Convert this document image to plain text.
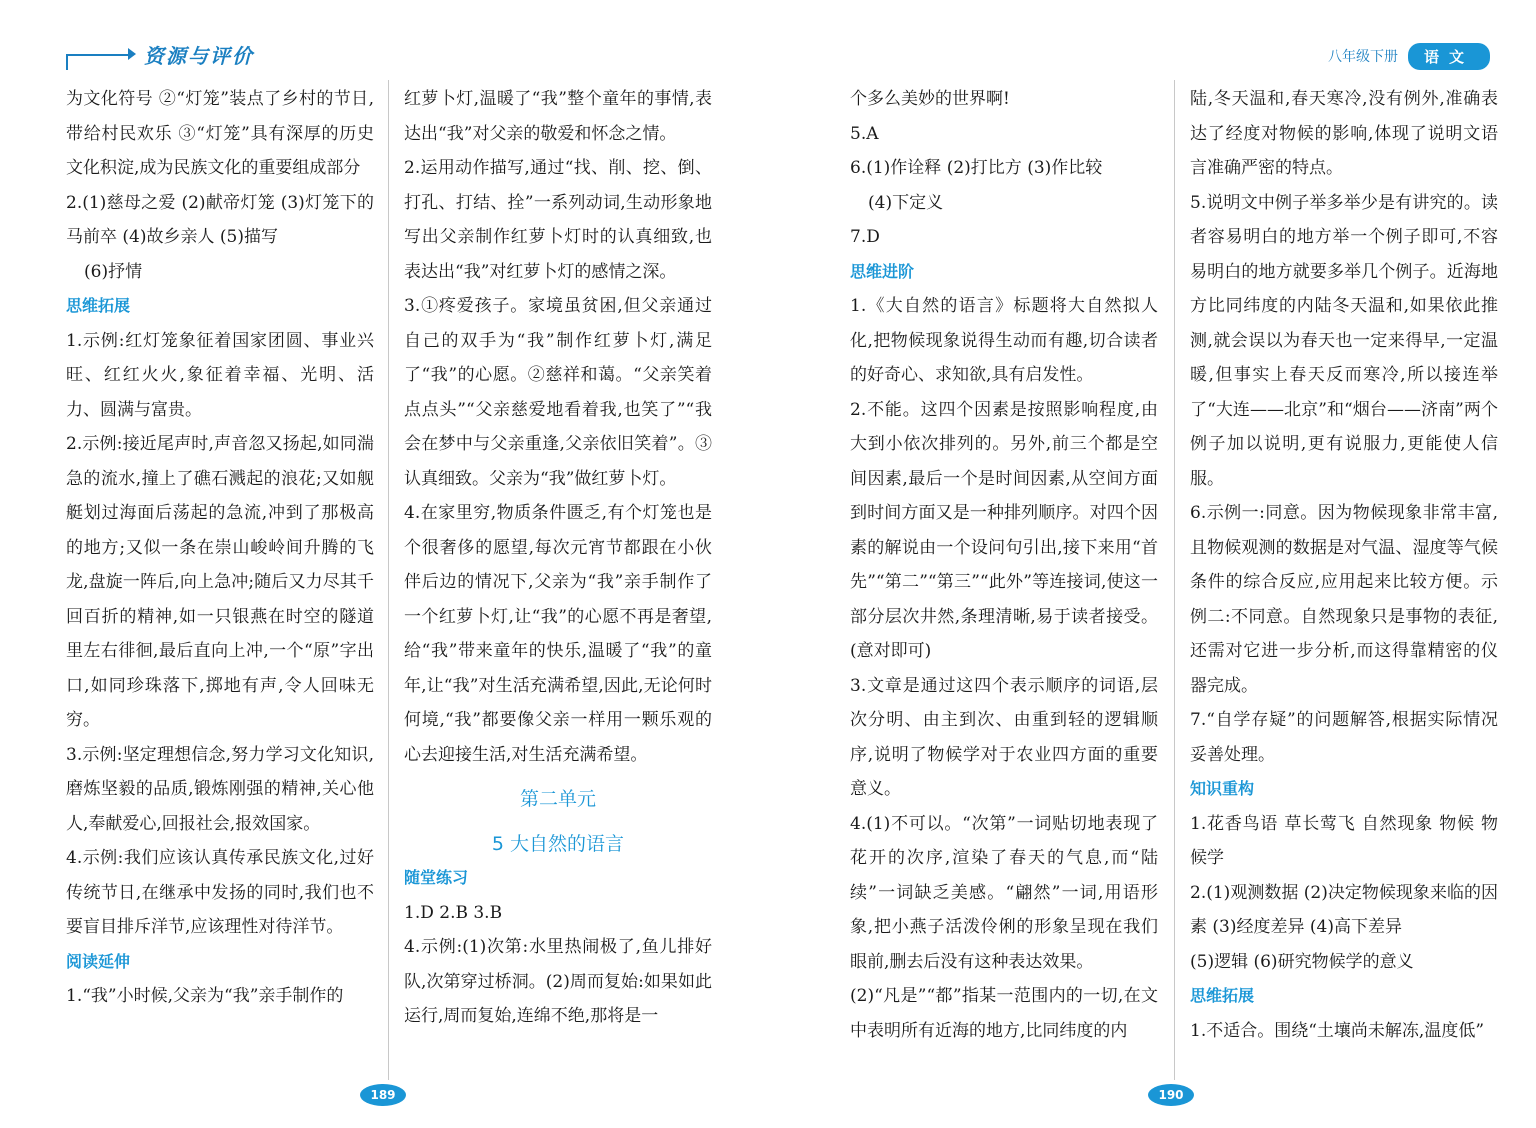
资源与评价

为文化符号 ②“灯笼”装点了乡村的节日,带给村民欢乐 ③“灯笼”具有深厚的历史文化积淀,成为民族文化的重要组成部分

2.(1)慈母之爱 (2)献帝灯笼 (3)灯笼下的马前卒 (4)故乡亲人 (5)描写

(6)抒情

思维拓展

1.示例:红灯笼象征着国家团圆、事业兴旺、红红火火,象征着幸福、光明、活力、圆满与富贵。

2.示例:接近尾声时,声音忽又扬起,如同湍急的流水,撞上了礁石溅起的浪花;又如舰艇划过海面后荡起的急流,冲到了那极高的地方;又似一条在崇山峻岭间升腾的飞龙,盘旋一阵后,向上急冲;随后又力尽其千回百折的精神,如一只银燕在时空的隧道里左右徘徊,最后直向上冲,一个“原”字出口,如同珍珠落下,掷地有声,令人回味无穷。

3.示例:坚定理想信念,努力学习文化知识,磨炼坚毅的品质,锻炼刚强的精神,关心他人,奉献爱心,回报社会,报效国家。

4.示例:我们应该认真传承民族文化,过好传统节日,在继承中发扬的同时,我们也不要盲目排斥洋节,应该理性对待洋节。

阅读延伸

1.“我”小时候,父亲为“我”亲手制作的

红萝卜灯,温暖了“我”整个童年的事情,表达出“我”对父亲的敬爱和怀念之情。

2.运用动作描写,通过“找、削、挖、倒、打孔、打结、拴”一系列动词,生动形象地写出父亲制作红萝卜灯时的认真细致,也表达出“我”对红萝卜灯的感情之深。

3.①疼爱孩子。家境虽贫困,但父亲通过自己的双手为“我”制作红萝卜灯,满足了“我”的心愿。②慈祥和蔼。“父亲笑着点点头”“父亲慈爱地看着我,也笑了”“我会在梦中与父亲重逢,父亲依旧笑着”。③认真细致。父亲为“我”做红萝卜灯。

4.在家里穷,物质条件匮乏,有个灯笼也是个很奢侈的愿望,每次元宵节都跟在小伙伴后边的情况下,父亲为“我”亲手制作了一个红萝卜灯,让“我”的心愿不再是奢望,给“我”带来童年的快乐,温暖了“我”的童年,让“我”对生活充满希望,因此,无论何时何境,“我”都要像父亲一样用一颗乐观的心去迎接生活,对生活充满希望。

第二单元

5 大自然的语言

随堂练习

1.D 2.B 3.B

4.示例:(1)次第:水里热闹极了,鱼儿排好队,次第穿过桥洞。(2)周而复始:如果如此运行,周而复始,连绵不绝,那将是一

189
八年级下册	语文

个多么美妙的世界啊!

5.A

6.(1)作诠释 (2)打比方 (3)作比较

(4)下定义

7.D

思维进阶

1.《大自然的语言》标题将大自然拟人化,把物候现象说得生动而有趣,切合读者的好奇心、求知欲,具有启发性。

2.不能。这四个因素是按照影响程度,由大到小依次排列的。另外,前三个都是空间因素,最后一个是时间因素,从空间方面到时间方面又是一种排列顺序。对四个因素的解说由一个设问句引出,接下来用“首先”“第二”“第三”“此外”等连接词,使这一部分层次井然,条理清晰,易于读者接受。(意对即可)

3.文章是通过这四个表示顺序的词语,层次分明、由主到次、由重到轻的逻辑顺序,说明了物候学对于农业四方面的重要意义。

4.(1)不可以。“次第”一词贴切地表现了花开的次序,渲染了春天的气息,而“陆续”一词缺乏美感。“翩然”一词,用语形象,把小燕子活泼伶俐的形象呈现在我们眼前,删去后没有这种表达效果。

(2)“凡是”“都”指某一范围内的一切,在文中表明所有近海的地方,比同纬度的内

陆,冬天温和,春天寒冷,没有例外,准确表达了经度对物候的影响,体现了说明文语言准确严密的特点。

5.说明文中例子举多举少是有讲究的。读者容易明白的地方举一个例子即可,不容易明白的地方就要多举几个例子。近海地方比同纬度的内陆冬天温和,如果依此推测,就会误以为春天也一定来得早,一定温暖,但事实上春天反而寒冷,所以接连举了“大连——北京”和“烟台——济南”两个例子加以说明,更有说服力,更能使人信服。

6.示例一:同意。因为物候现象非常丰富,且物候观测的数据是对气温、湿度等气候条件的综合反应,应用起来比较方便。示例二:不同意。自然现象只是事物的表征,还需对它进一步分析,而这得靠精密的仪器完成。

7.“自学存疑”的问题解答,根据实际情况妥善处理。

知识重构

1.花香鸟语 草长莺飞 自然现象 物候 物候学

2.(1)观测数据 (2)决定物候现象来临的因素 (3)经度差异 (4)高下差异

(5)逻辑 (6)研究物候学的意义

思维拓展

1.不适合。围绕“土壤尚未解冻,温度低”

190
